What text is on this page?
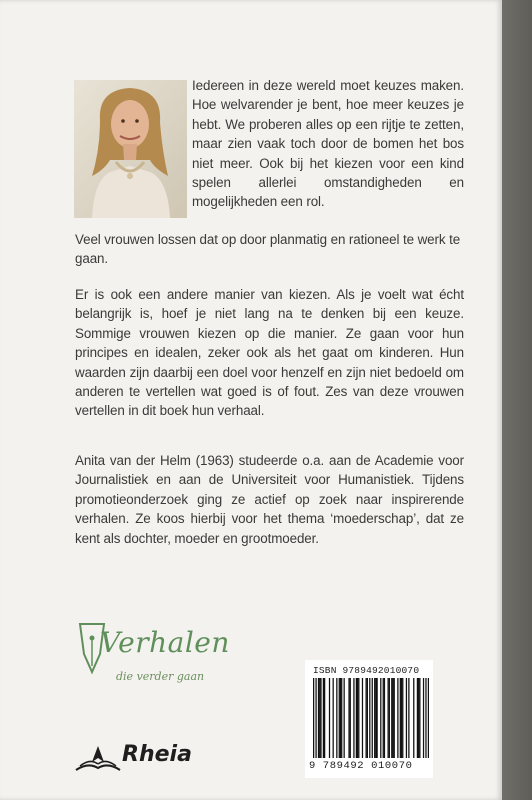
Iedereen in deze wereld moet keuzes maken. Hoe welvarender je bent, hoe meer keuzes je hebt. We proberen alles op een rijtje te zetten, maar zien vaak toch door de bomen het bos niet meer. Ook bij het kiezen voor een kind spelen allerlei omstandigheden en mogelijkheden een rol.
Veel vrouwen lossen dat op door planmatig en rationeel te werk te gaan.
Er is ook een andere manier van kiezen. Als je voelt wat écht belangrijk is, hoef je niet lang na te denken bij een keuze. Sommige vrouwen kiezen op die manier. Ze gaan voor hun principes en idealen, zeker ook als het gaat om kinderen. Hun waarden zijn daarbij een doel voor henzelf en zijn niet bedoeld om anderen te vertellen wat goed is of fout. Zes van deze vrouwen vertellen in dit boek hun verhaal.
Anita van der Helm (1963) studeerde o.a. aan de Academie voor Journalistiek en aan de Universiteit voor Humanistiek. Tijdens promotieonderzoek ging ze actief op zoek naar inspirerende verhalen. Ze koos hierbij voor het thema ‘moederschap’, dat ze kent als dochter, moeder en grootmoeder.
Verhalen
die verder gaan
Rheia
ISBN 9789492010070
9 789492 010070
